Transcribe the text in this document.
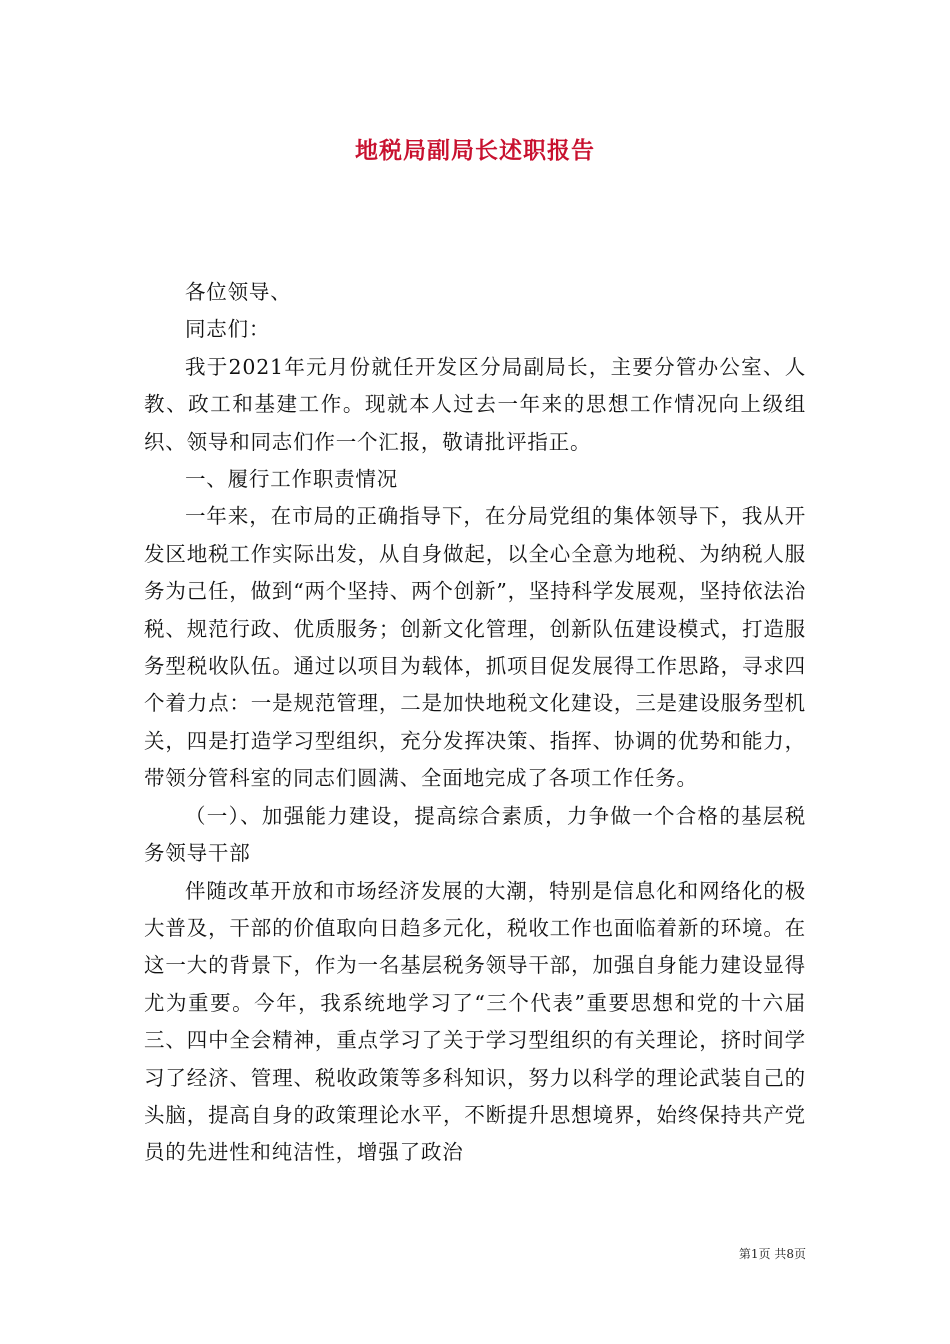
地税局副局长述职报告

各位领导、

同志们：

我于2021年元月份就任开发区分局副局长，主要分管办公室、人教、政工和基建工作。现就本人过去一年来的思想工作情况向上级组织、领导和同志们作一个汇报，敬请批评指正。

一、履行工作职责情况

一年来，在市局的正确指导下，在分局党组的集体领导下，我从开发区地税工作实际出发，从自身做起，以全心全意为地税、为纳税人服务为己任，做到“两个坚持、两个创新”，坚持科学发展观，坚持依法治税、规范行政、优质服务；创新文化管理，创新队伍建设模式，打造服务型税收队伍。通过以项目为载体，抓项目促发展得工作思路，寻求四个着力点：一是规范管理，二是加快地税文化建设，三是建设服务型机关，四是打造学习型组织，充分发挥决策、指挥、协调的优势和能力，带领分管科室的同志们圆满、全面地完成了各项工作任务。

（一）、加强能力建设，提高综合素质，力争做一个合格的基层税务领导干部

伴随改革开放和市场经济发展的大潮，特别是信息化和网络化的极大普及，干部的价值取向日趋多元化，税收工作也面临着新的环境。在这一大的背景下，作为一名基层税务领导干部，加强自身能力建设显得尤为重要。今年，我系统地学习了“三个代表”重要思想和党的十六届三、四中全会精神，重点学习了关于学习型组织的有关理论，挤时间学习了经济、管理、税收政策等多科知识，努力以科学的理论武装自己的头脑，提高自身的政策理论水平，不断提升思想境界，始终保持共产党员的先进性和纯洁性，增强了政治

第1页 共8页
